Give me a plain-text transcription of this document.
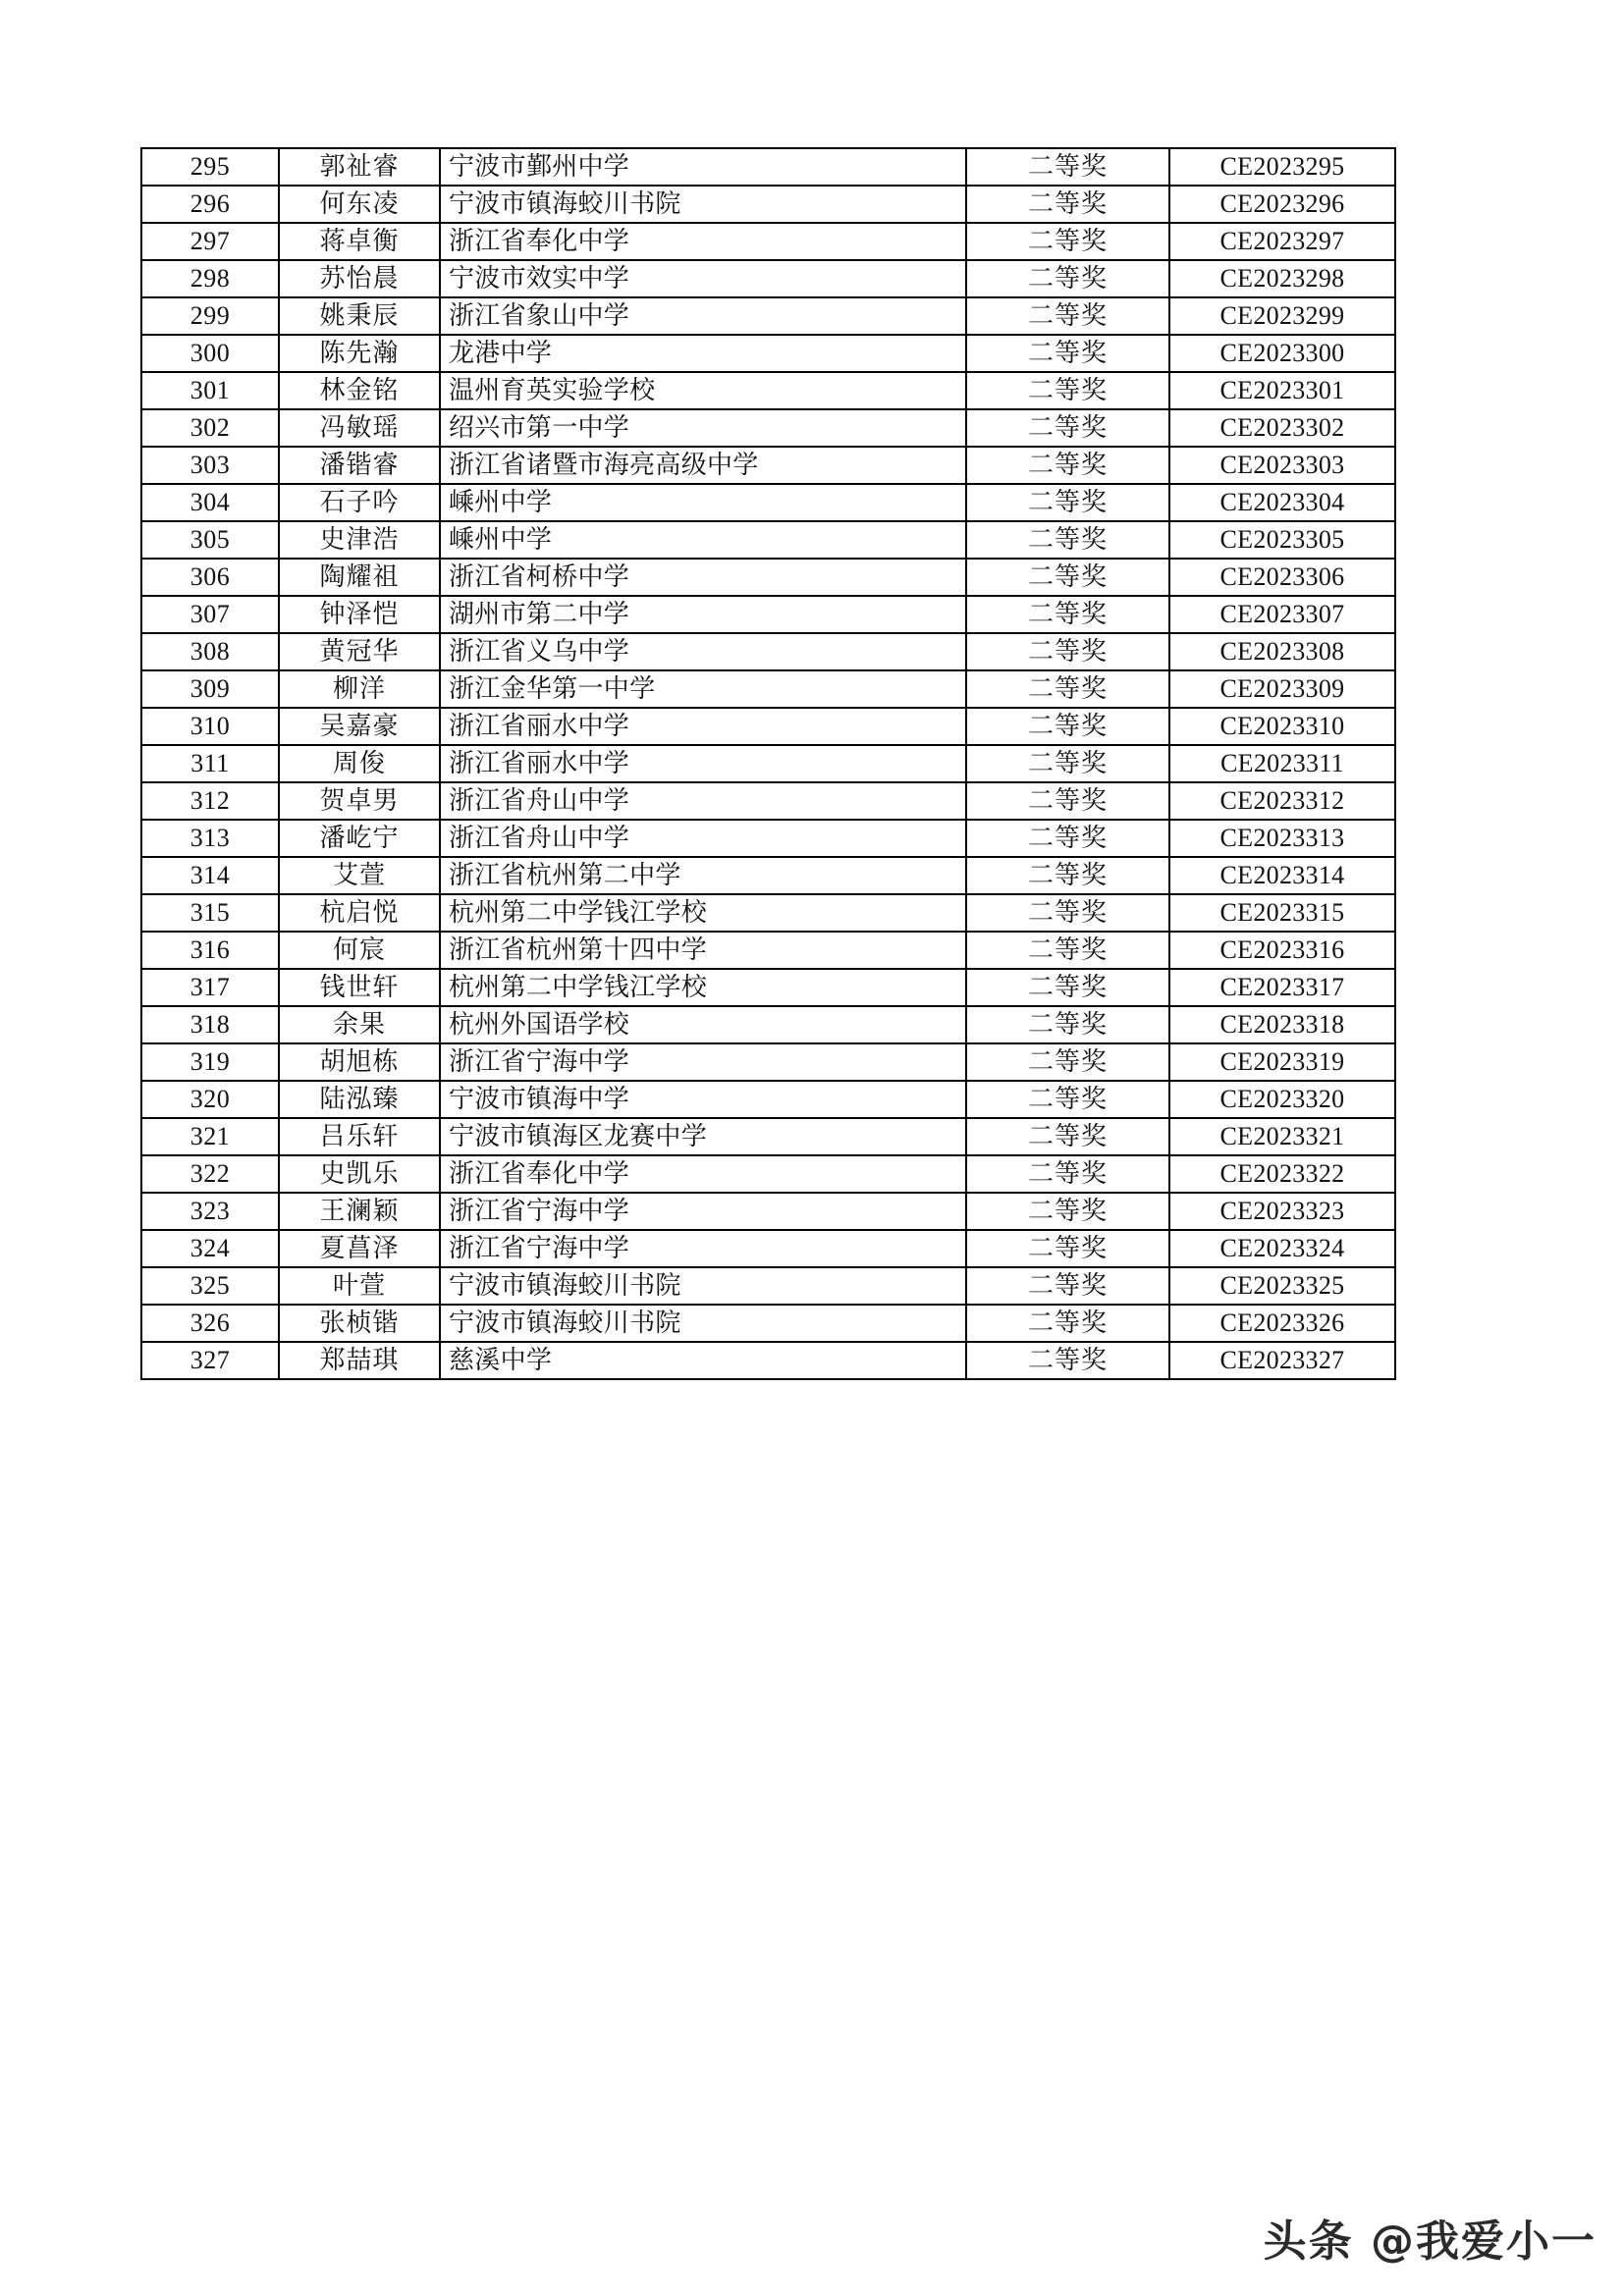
295	郭祉睿	宁波市鄞州中学	二等奖	CE2023295
296	何东凌	宁波市镇海蛟川书院	二等奖	CE2023296
297	蒋卓衡	浙江省奉化中学	二等奖	CE2023297
298	苏怡晨	宁波市效实中学	二等奖	CE2023298
299	姚秉辰	浙江省象山中学	二等奖	CE2023299
300	陈先瀚	龙港中学	二等奖	CE2023300
301	林金铭	温州育英实验学校	二等奖	CE2023301
302	冯敏瑶	绍兴市第一中学	二等奖	CE2023302
303	潘锴睿	浙江省诸暨市海亮高级中学	二等奖	CE2023303
304	石子吟	嵊州中学	二等奖	CE2023304
305	史津浩	嵊州中学	二等奖	CE2023305
306	陶耀祖	浙江省柯桥中学	二等奖	CE2023306
307	钟泽恺	湖州市第二中学	二等奖	CE2023307
308	黄冠华	浙江省义乌中学	二等奖	CE2023308
309	柳洋	浙江金华第一中学	二等奖	CE2023309
310	吴嘉豪	浙江省丽水中学	二等奖	CE2023310
311	周俊	浙江省丽水中学	二等奖	CE2023311
312	贺卓男	浙江省舟山中学	二等奖	CE2023312
313	潘屹宁	浙江省舟山中学	二等奖	CE2023313
314	艾萱	浙江省杭州第二中学	二等奖	CE2023314
315	杭启悦	杭州第二中学钱江学校	二等奖	CE2023315
316	何宸	浙江省杭州第十四中学	二等奖	CE2023316
317	钱世轩	杭州第二中学钱江学校	二等奖	CE2023317
318	余果	杭州外国语学校	二等奖	CE2023318
319	胡旭栋	浙江省宁海中学	二等奖	CE2023319
320	陆泓臻	宁波市镇海中学	二等奖	CE2023320
321	吕乐轩	宁波市镇海区龙赛中学	二等奖	CE2023321
322	史凯乐	浙江省奉化中学	二等奖	CE2023322
323	王澜颖	浙江省宁海中学	二等奖	CE2023323
324	夏菖泽	浙江省宁海中学	二等奖	CE2023324
325	叶萱	宁波市镇海蛟川书院	二等奖	CE2023325
326	张桢锴	宁波市镇海蛟川书院	二等奖	CE2023326
327	郑喆琪	慈溪中学	二等奖	CE2023327
头条 @我爱小一
